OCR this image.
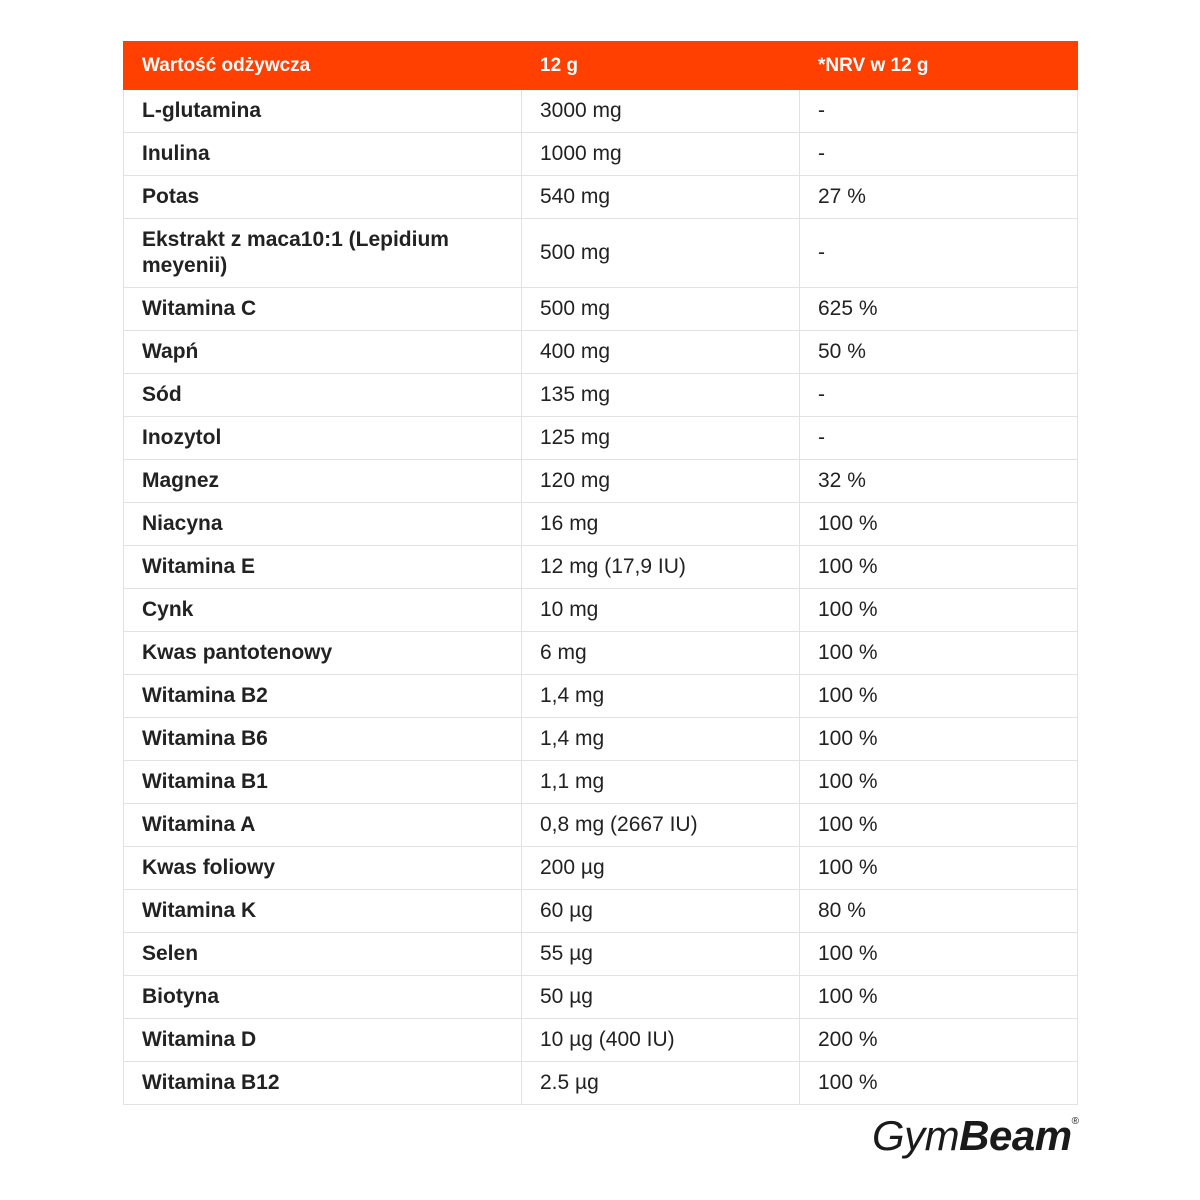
Wartość odżywcza	12 g	*NRV w 12 g
L-glutamina	3000 mg	-
Inulina	1000 mg	-
Potas	540 mg	27 %
Ekstrakt z maca10:1 (Lepidium meyenii)	500 mg	-
Witamina C	500 mg	625 %
Wapń	400 mg	50 %
Sód	135 mg	-
Inozytol	125 mg	-
Magnez	120 mg	32 %
Niacyna	16 mg	100 %
Witamina E	12 mg (17,9 IU)	100 %
Cynk	10 mg	100 %
Kwas pantotenowy	6 mg	100 %
Witamina B2	1,4 mg	100 %
Witamina B6	1,4 mg	100 %
Witamina B1	1,1 mg	100 %
Witamina A	0,8 mg (2667 IU)	100 %
Kwas foliowy	200 µg	100 %
Witamina K	60 µg	80 %
Selen	55 µg	100 %
Biotyna	50 µg	100 %
Witamina D	10 µg (400 IU)	200 %
Witamina B12	2.5 µg	100 %
GymBeam®
